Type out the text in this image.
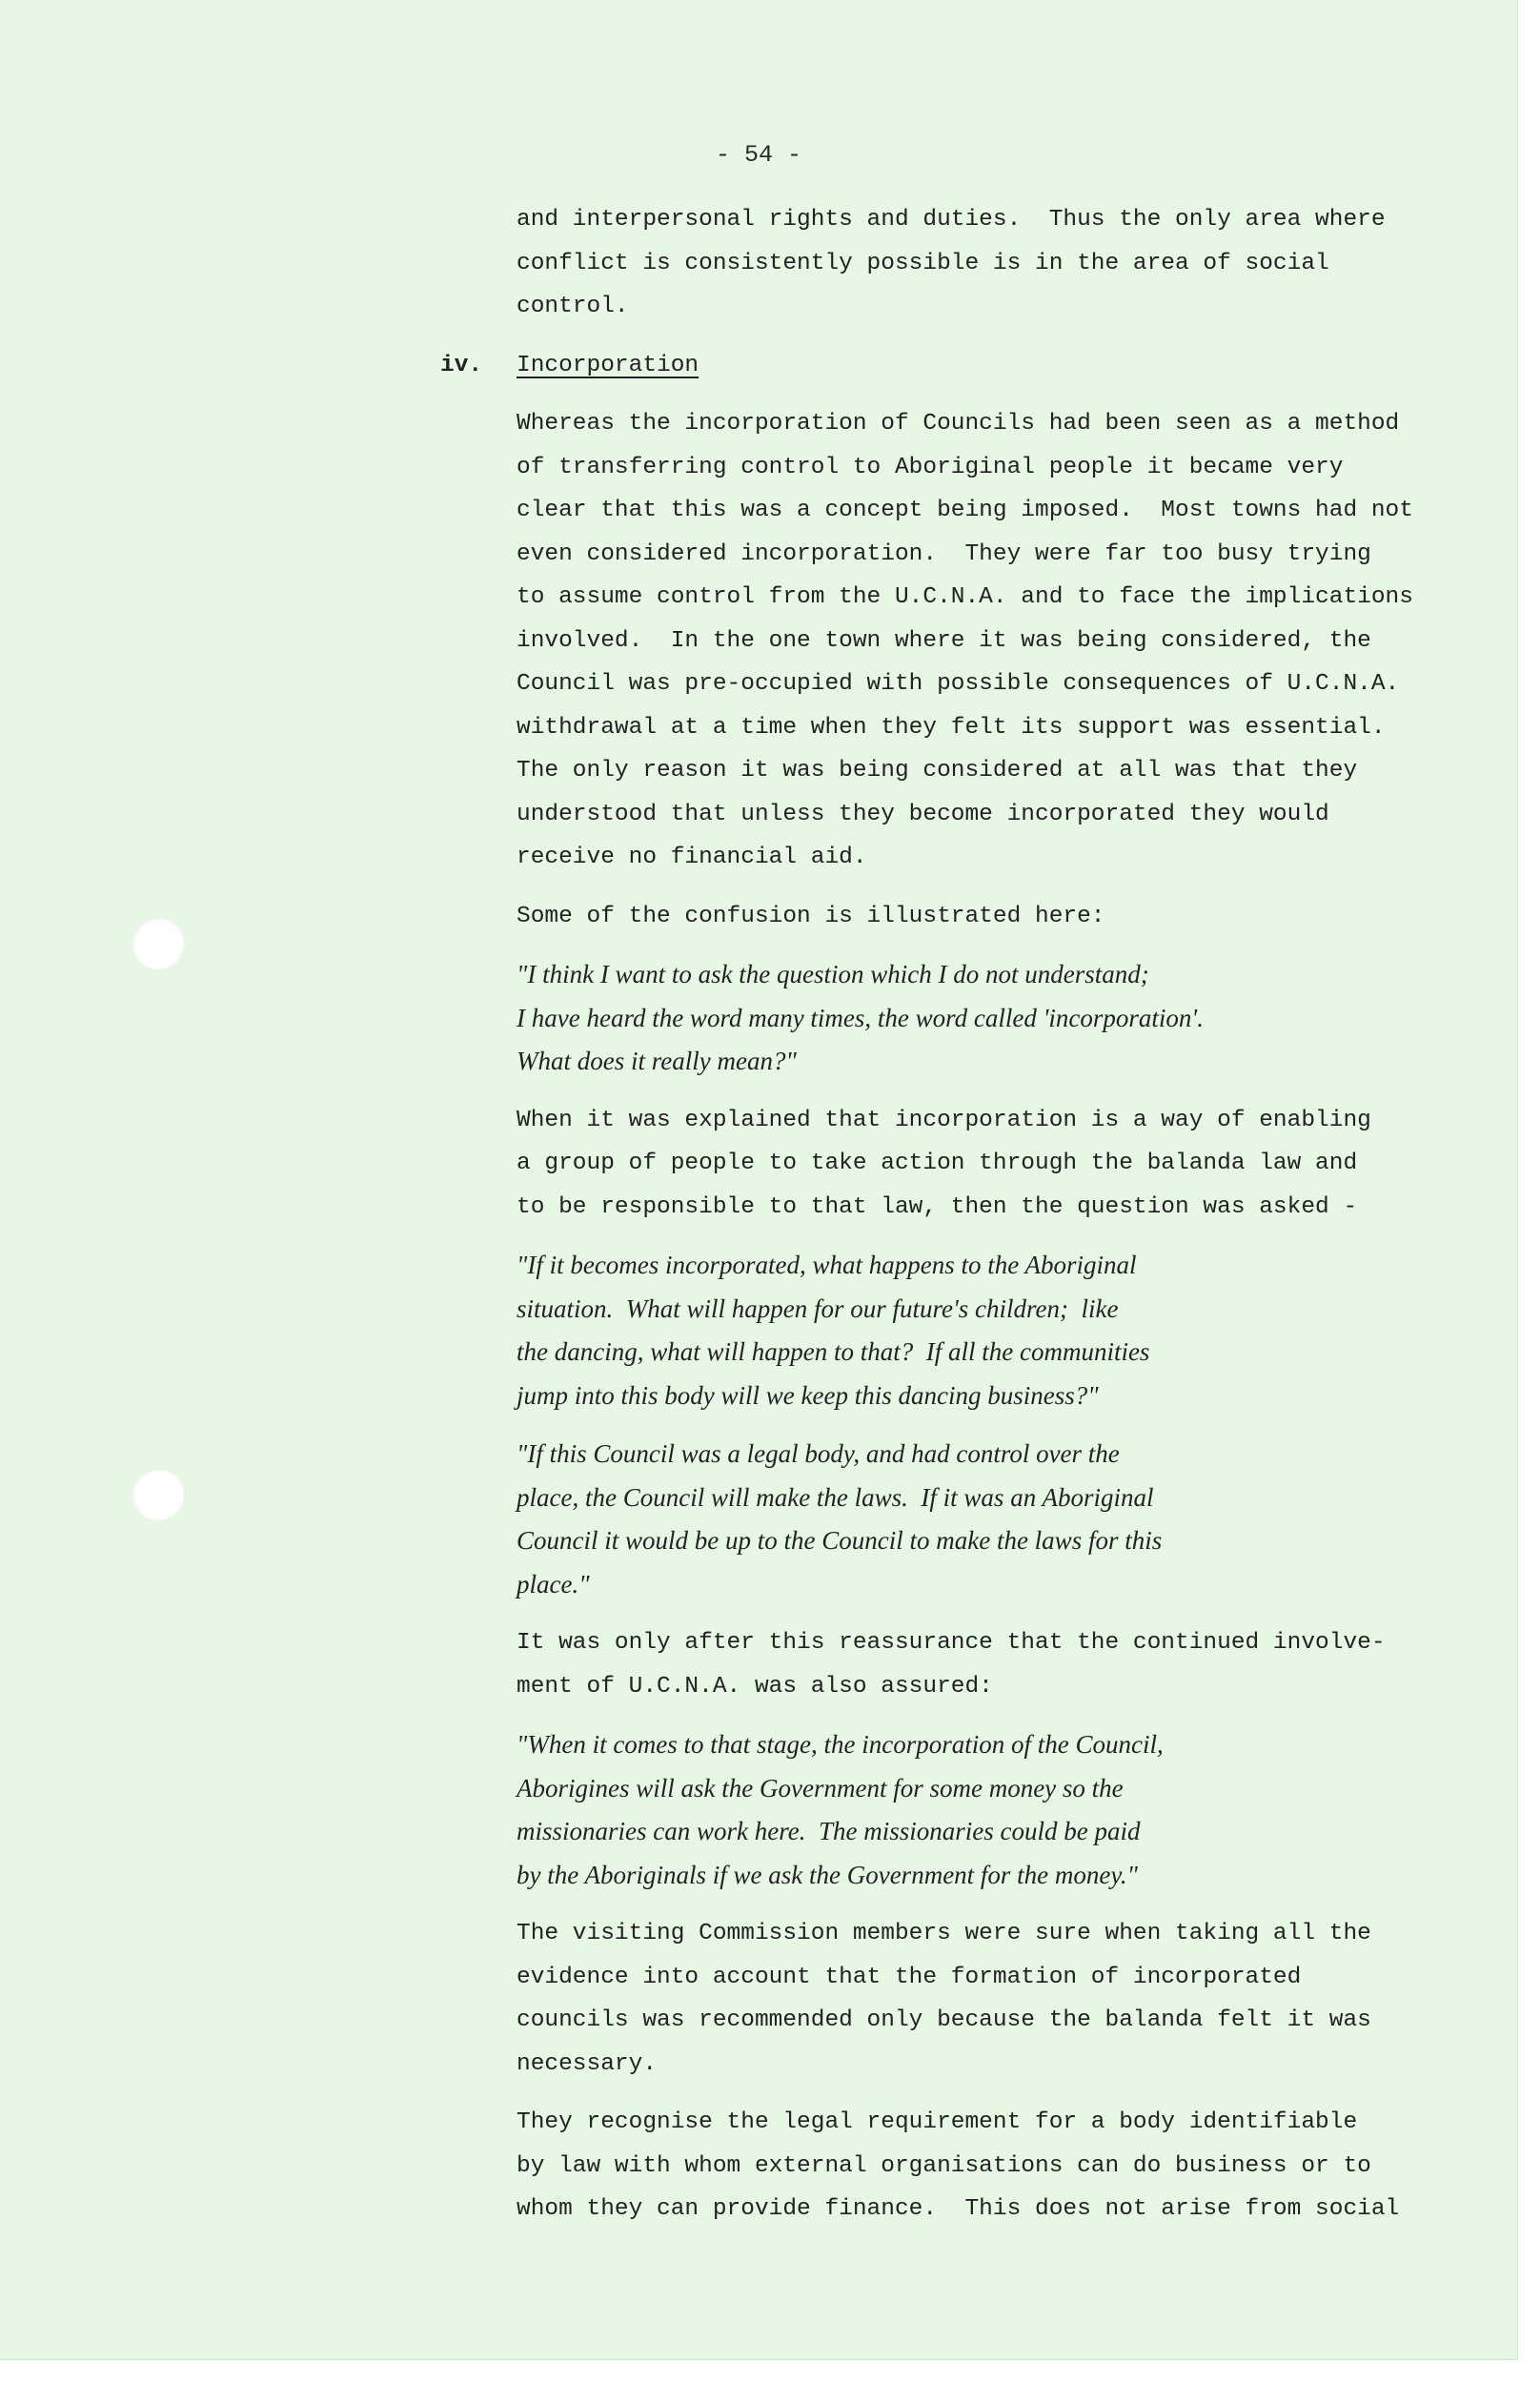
- 54 -
and interpersonal rights and duties.  Thus the only area where
conflict is consistently possible is in the area of social
control.
iv. Incorporation
Whereas the incorporation of Councils had been seen as a method
of transferring control to Aboriginal people it became very
clear that this was a concept being imposed.  Most towns had not
even considered incorporation.  They were far too busy trying
to assume control from the U.C.N.A. and to face the implications
involved.  In the one town where it was being considered, the
Council was pre-occupied with possible consequences of U.C.N.A.
withdrawal at a time when they felt its support was essential.
The only reason it was being considered at all was that they
understood that unless they become incorporated they would
receive no financial aid.
Some of the confusion is illustrated here:
"I think I want to ask the question which I do not understand;
I have heard the word many times, the word called 'incorporation'.
What does it really mean?"
When it was explained that incorporation is a way of enabling
a group of people to take action through the balanda law and
to be responsible to that law, then the question was asked -
"If it becomes incorporated, what happens to the Aboriginal
situation.  What will happen for our future's children;  like
the dancing, what will happen to that?  If all the communities
jump into this body will we keep this dancing business?"
"If this Council was a legal body, and had control over the
place, the Council will make the laws.  If it was an Aboriginal
Council it would be up to the Council to make the laws for this
place."
It was only after this reassurance that the continued involve-
ment of U.C.N.A. was also assured:
"When it comes to that stage, the incorporation of the Council,
Aborigines will ask the Government for some money so the
missionaries can work here.  The missionaries could be paid
by the Aboriginals if we ask the Government for the money."
The visiting Commission members were sure when taking all the
evidence into account that the formation of incorporated
councils was recommended only because the balanda felt it was
necessary.
They recognise the legal requirement for a body identifiable
by law with whom external organisations can do business or to
whom they can provide finance.  This does not arise from social
